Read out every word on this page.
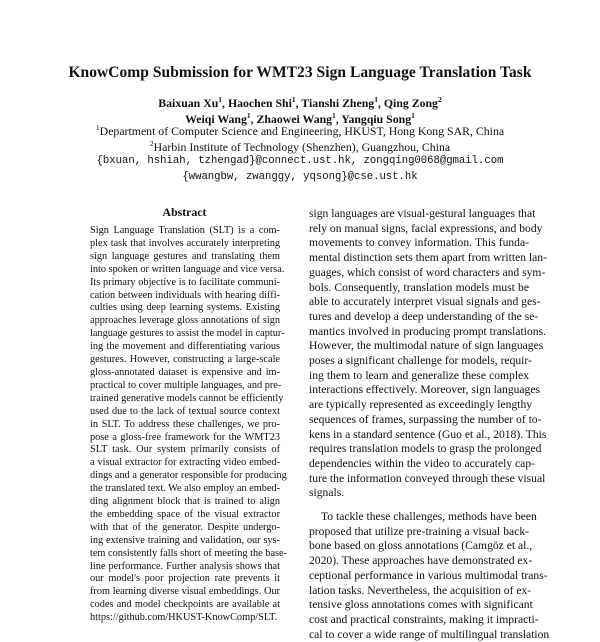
KnowComp Submission for WMT23 Sign Language Translation Task
Baixuan Xu$^1$, Haochen Shi$^1$, Tianshi Zheng$^1$, Qing Zong$^2$
Weiqi Wang$^1$, Zhaowei Wang$^1$, Yangqiu Song$^1$
$^1$Department of Computer Science and Engineering, HKUST, Hong Kong SAR, China
$^2$Harbin Institute of Technology (Shenzhen), Guangzhou, China
{bxuan, hshiah, tzhengad}@connect.ust.hk, zongqing0068@gmail.com
{wwangbw, zwanggy, yqsong}@cse.ust.hk
Abstract
Sign Language Translation (SLT) is a com-
plex task that involves accurately interpreting
sign language gestures and translating them
into spoken or written language and vice versa.
Its primary objective is to facilitate communi-
cation between individuals with hearing diffi-
culties using deep learning systems. Existing
approaches leverage gloss annotations of sign
language gestures to assist the model in captur-
ing the movement and differentiating various
gestures. However, constructing a large-scale
gloss-annotated dataset is expensive and im-
practical to cover multiple languages, and pre-
trained generative models cannot be efficiently
used due to the lack of textual source context
in SLT. To address these challenges, we pro-
pose a gloss-free framework for the WMT23
SLT task. Our system primarily consists of
a visual extractor for extracting video embed-
dings and a generator responsible for producing
the translated text. We also employ an embed-
ding alignment block that is trained to align
the embedding space of the visual extractor
with that of the generator. Despite undergo-
ing extensive training and validation, our sys-
tem consistently falls short of meeting the base-
line performance. Further analysis shows that
our model's poor projection rate prevents it
from learning diverse visual embeddings. Our
codes and model checkpoints are available at
https://github.com/HKUST-KnowComp/SLT.
sign languages are visual-gestural languages that
rely on manual signs, facial expressions, and body
movements to convey information. This funda-
mental distinction sets them apart from written lan-
guages, which consist of word characters and sym-
bols. Consequently, translation models must be
able to accurately interpret visual signals and ges-
tures and develop a deep understanding of the se-
mantics involved in producing prompt translations.
However, the multimodal nature of sign languages
poses a significant challenge for models, requir-
ing them to learn and generalize these complex
interactions effectively. Moreover, sign languages
are typically represented as exceedingly lengthy
sequences of frames, surpassing the number of to-
kens in a standard sentence (Guo et al., 2018). This
requires translation models to grasp the prolonged
dependencies within the video to accurately cap-
ture the information conveyed through these visual
signals.
To tackle these challenges, methods have been
proposed that utilize pre-training a visual back-
bone based on gloss annotations (Camgöz et al.,
2020). These approaches have demonstrated ex-
ceptional performance in various multimodal trans-
lation tasks. Nevertheless, the acquisition of ex-
tensive gloss annotations comes with significant
cost and practical constraints, making it impracti-
cal to cover a wide range of multilingual translation
